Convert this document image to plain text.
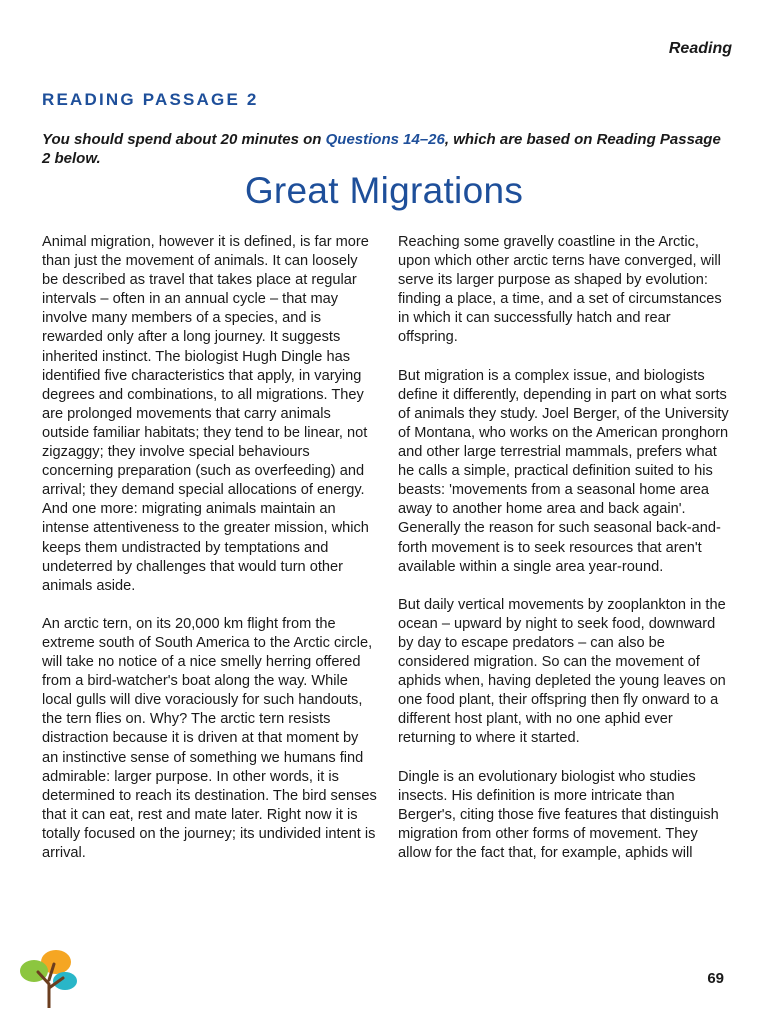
Reading
READING PASSAGE 2
You should spend about 20 minutes on Questions 14–26, which are based on Reading Passage 2 below.
Great Migrations

Animal migration, however it is defined, is far more than just the movement of animals. It can loosely be described as travel that takes place at regular intervals – often in an annual cycle – that may involve many members of a species, and is rewarded only after a long journey. It suggests inherited instinct. The biologist Hugh Dingle has identified five characteristics that apply, in varying degrees and combinations, to all migrations. They are prolonged movements that carry animals outside familiar habitats; they tend to be linear, not zigzaggy; they involve special behaviours concerning preparation (such as overfeeding) and arrival; they demand special allocations of energy. And one more: migrating animals maintain an intense attentiveness to the greater mission, which keeps them undistracted by temptations and undeterred by challenges that would turn other animals aside.

An arctic tern, on its 20,000 km flight from the extreme south of South America to the Arctic circle, will take no notice of a nice smelly herring offered from a bird-watcher's boat along the way. While local gulls will dive voraciously for such handouts, the tern flies on. Why? The arctic tern resists distraction because it is driven at that moment by an instinctive sense of something we humans find admirable: larger purpose. In other words, it is determined to reach its destination. The bird senses that it can eat, rest and mate later. Right now it is totally focused on the journey; its undivided intent is arrival.

Reaching some gravelly coastline in the Arctic, upon which other arctic terns have converged, will serve its larger purpose as shaped by evolution: finding a place, a time, and a set of circumstances in which it can successfully hatch and rear offspring.

But migration is a complex issue, and biologists define it differently, depending in part on what sorts of animals they study. Joel Berger, of the University of Montana, who works on the American pronghorn and other large terrestrial mammals, prefers what he calls a simple, practical definition suited to his beasts: 'movements from a seasonal home area away to another home area and back again'. Generally the reason for such seasonal back-and-forth movement is to seek resources that aren't available within a single area year-round.

But daily vertical movements by zooplankton in the ocean – upward by night to seek food, downward by day to escape predators – can also be considered migration. So can the movement of aphids when, having depleted the young leaves on one food plant, their offspring then fly onward to a different host plant, with no one aphid ever returning to where it started.

Dingle is an evolutionary biologist who studies insects. His definition is more intricate than Berger's, citing those five features that distinguish migration from other forms of movement. They allow for the fact that, for example, aphids will

69
